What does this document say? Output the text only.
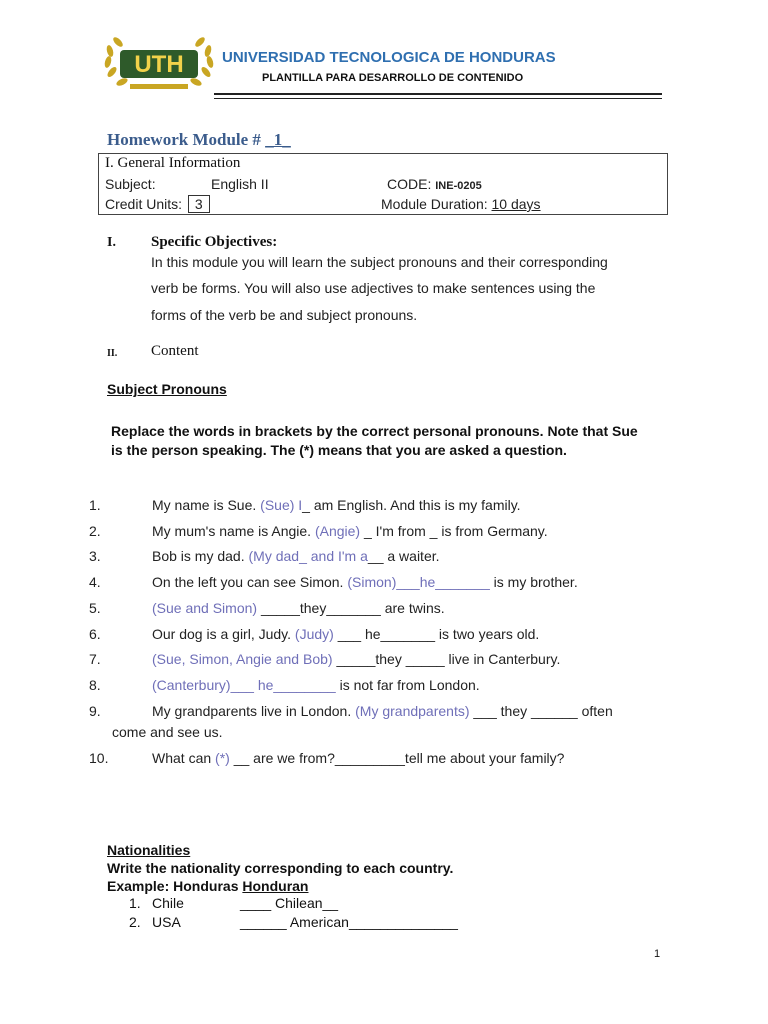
UTH	UNIVERSIDAD TECNOLOGICA DE HONDURAS
PLANTILLA PARA DESARROLLO DE CONTENIDO
Homework Module # _1_
I. General Information
Subject:	English II	CODE: INE-0205
Credit Units: 3	Module Duration: 10 days
I. Specific Objectives:
In this module you will learn the subject pronouns and their corresponding
verb be forms. You will also use adjectives to make sentences using the
forms of the verb be and subject pronouns.
II. Content
Subject Pronouns
Replace the words in brackets by the correct personal pronouns. Note that Sue is the person speaking. The (*) means that you are asked a question.
1.	My name is Sue. (Sue) I_ am English. And this is my family.
2.	My mum's name is Angie. (Angie) _ I'm from _ is from Germany.
3.	Bob is my dad. (My dad_ and I'm a__ a waiter.
4.	On the left you can see Simon. (Simon)___he_______ is my brother.
5.	(Sue and Simon) _____they_______ are twins.
6.	Our dog is a girl, Judy. (Judy) ___ he_______ is two years old.
7.	(Sue, Simon, Angie and Bob) _____they _____ live in Canterbury.
8.	(Canterbury)___ he________ is not far from London.
9.	My grandparents live in London. (My grandparents) ___ they ______ often
come and see us.
10.	What can (*) __ are we from?_________tell me about your family?
Nationalities
Write the nationality corresponding to each country.
Example: Honduras Honduran
1. Chile	____ Chilean__
2. USA	______ American______________
1
